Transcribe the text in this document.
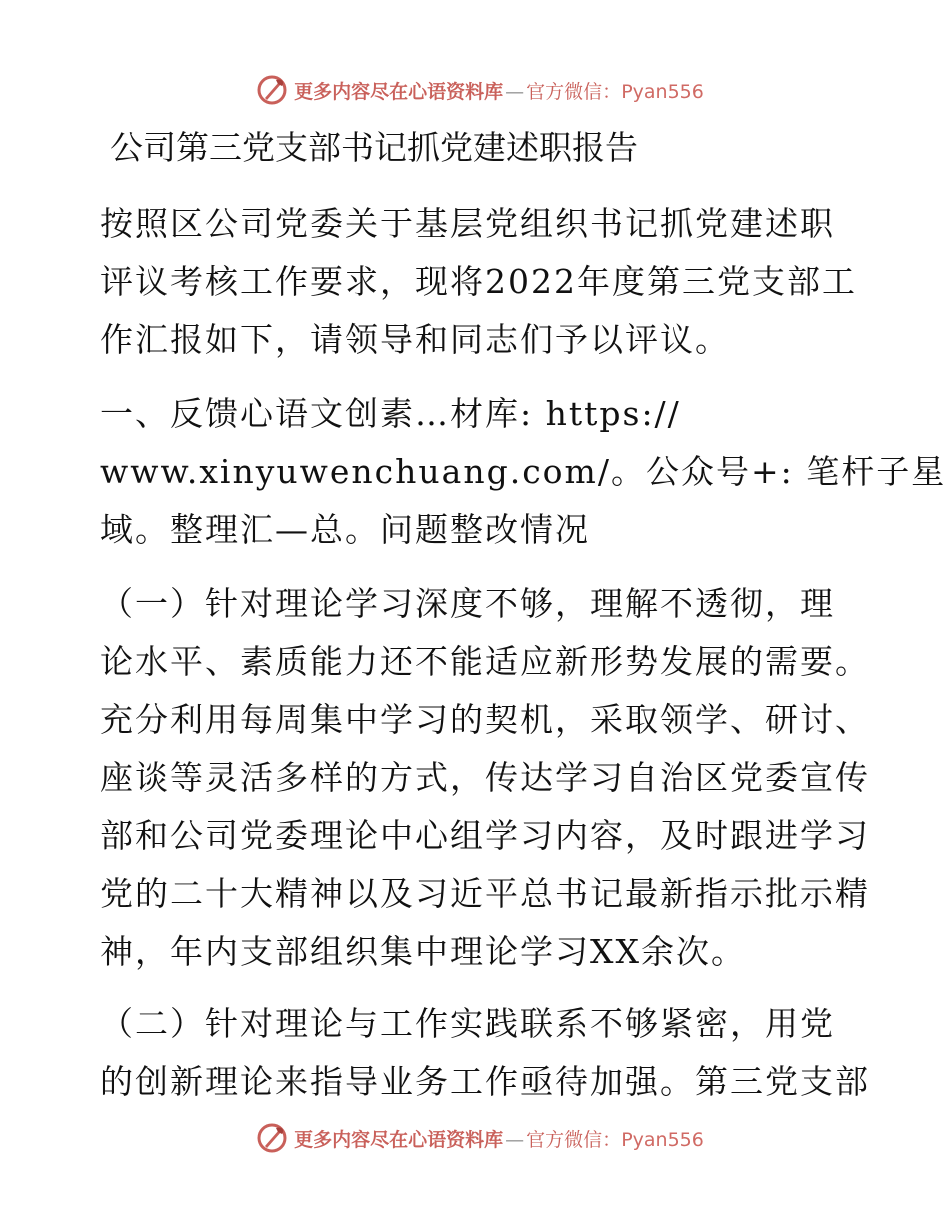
更多内容尽在心语资料库 — 官方微信：Pyan556
公司第三党支部书记抓党建述职报告
按照区公司党委关于基层党组织书记抓党建述职
评议考核工作要求，现将2022年度第三党支部工
作汇报如下，请领导和同志们予以评议。
一、反馈心语文创素…材库: https://
www.xinyuwenchuang.com/。公众号+: 笔杆子星
域。整理汇—总。问题整改情况
（一）针对理论学习深度不够，理解不透彻，理
论水平、素质能力还不能适应新形势发展的需要。
充分利用每周集中学习的契机，采取领学、研讨、
座谈等灵活多样的方式，传达学习自治区党委宣传
部和公司党委理论中心组学习内容，及时跟进学习
党的二十大精神以及习近平总书记最新指示批示精
神，年内支部组织集中理论学习XX余次。
（二）针对理论与工作实践联系不够紧密，用党
的创新理论来指导业务工作亟待加强。第三党支部
更多内容尽在心语资料库 — 官方微信：Pyan556
